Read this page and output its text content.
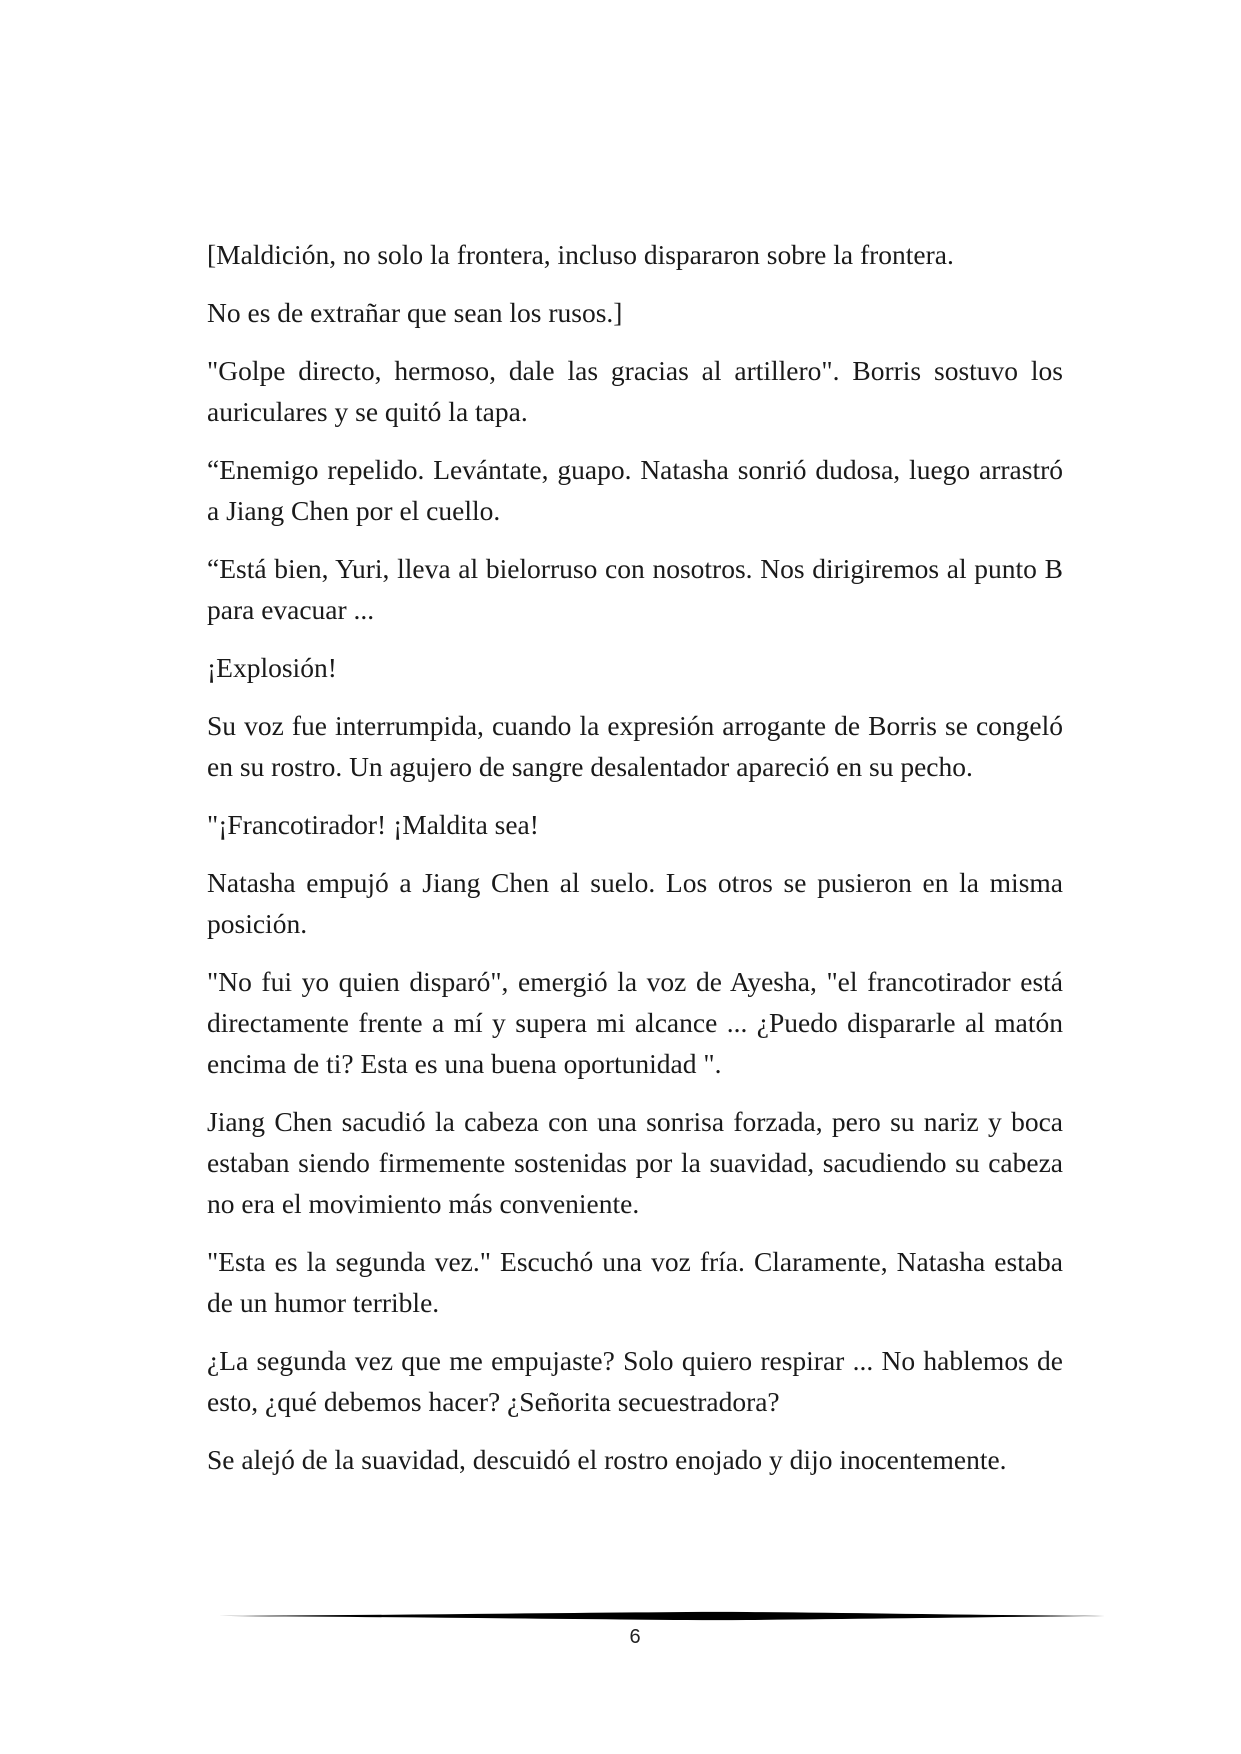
[Maldición, no solo la frontera, incluso dispararon sobre la frontera.

No es de extrañar que sean los rusos.]

"Golpe directo, hermoso, dale las gracias al artillero". Borris sostuvo los auriculares y se quitó la tapa.

“Enemigo repelido. Levántate, guapo. Natasha sonrió dudosa, luego arrastró a Jiang Chen por el cuello.

“Está bien, Yuri, lleva al bielorruso con nosotros. Nos dirigiremos al punto B para evacuar ...

¡Explosión!

Su voz fue interrumpida, cuando la expresión arrogante de Borris se congeló en su rostro. Un agujero de sangre desalentador apareció en su pecho.

"¡Francotirador! ¡Maldita sea!

Natasha empujó a Jiang Chen al suelo. Los otros se pusieron en la misma posición.

"No fui yo quien disparó", emergió la voz de Ayesha, "el francotirador está directamente frente a mí y supera mi alcance ... ¿Puedo dispararle al matón encima de ti? Esta es una buena oportunidad ".

Jiang Chen sacudió la cabeza con una sonrisa forzada, pero su nariz y boca estaban siendo firmemente sostenidas por la suavidad, sacudiendo su cabeza no era el movimiento más conveniente.

"Esta es la segunda vez." Escuchó una voz fría. Claramente, Natasha estaba de un humor terrible.

¿La segunda vez que me empujaste? Solo quiero respirar ... No hablemos de esto, ¿qué debemos hacer? ¿Señorita secuestradora?

Se alejó de la suavidad, descuidó el rostro enojado y dijo inocentemente.

6
